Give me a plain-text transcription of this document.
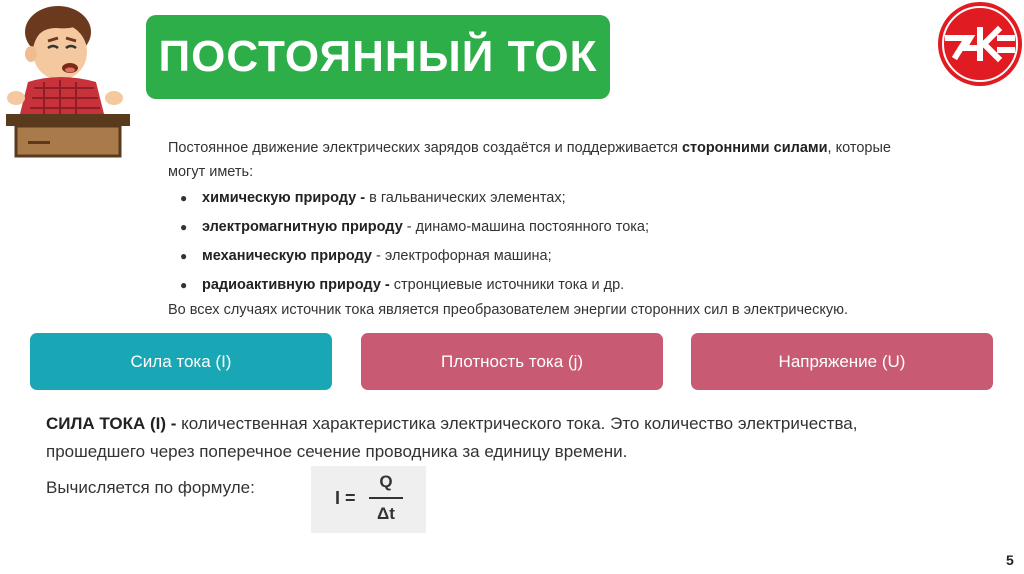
ПОСТОЯННЫЙ ТОК
Постоянное движение электрических зарядов создаётся и поддерживается сторонними силами, которые могут иметь:
●	химическую природу - в гальванических элементах;
●	электромагнитную природу - динамо-машина постоянного тока;
●	механическую природу - электрофорная машина;
●	радиоактивную природу - стронциевые источники тока и др.
Во всех случаях источник тока является преобразователем энергии сторонних сил в электрическую.
Сила тока (I)	Плотность тока (j)	Напряжение (U)
СИЛА ТОКА (I) - количественная характеристика электрического тока. Это количество электричества, прошедшего через поперечное сечение проводника за единицу времени.
Вычисляется по формуле:
I =
Q
Δt
5
